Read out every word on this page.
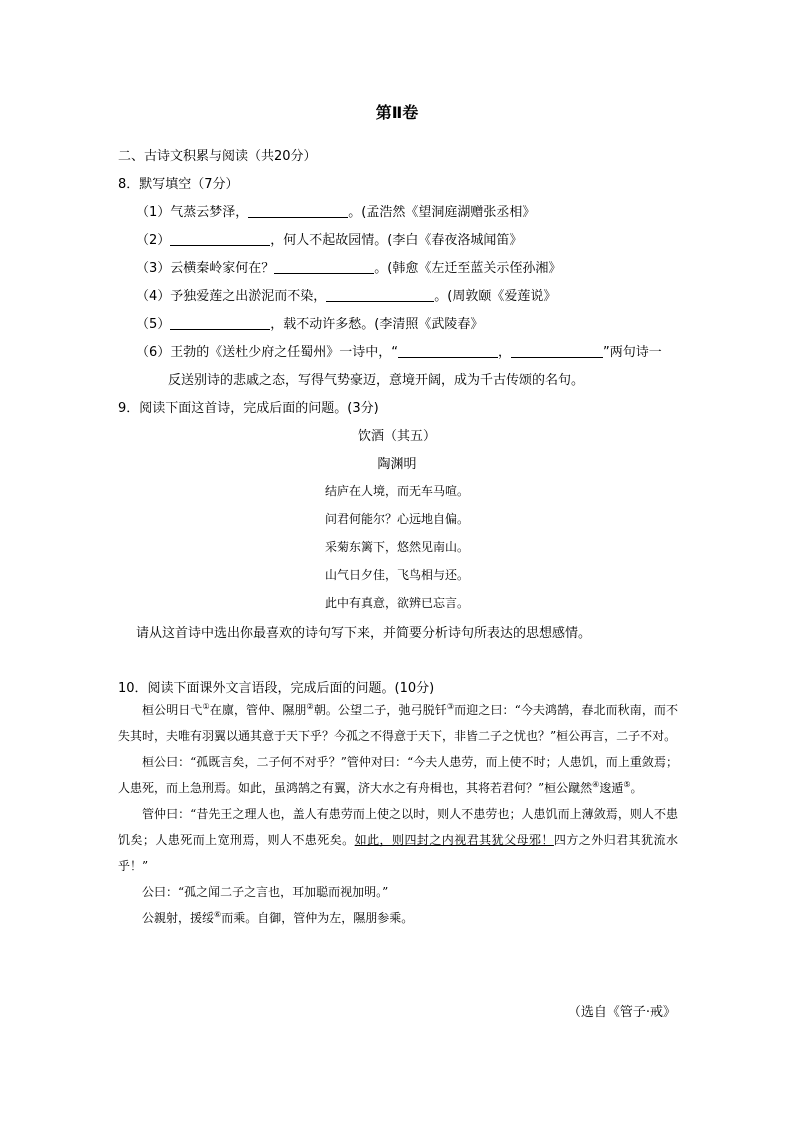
第Ⅱ卷
二、古诗文积累与阅读（共20分）
8．默写填空（7分）
（1）气蒸云梦泽，	。(孟浩然《望洞庭湖赠张丞相》
（2）	，何人不起故园情。(李白《春夜洛城闻笛》
（3）云横秦岭家何在？	。(韩愈《左迁至蓝关示侄孙湘》
（4）予独爱莲之出淤泥而不染，	。(周敦颐《爱莲说》
（5）	，载不动许多愁。(李清照《武陵春》
（6）王勃的《送杜少府之任蜀州》一诗中，“	，	”两句诗一
反送别诗的悲戚之态，写得气势豪迈，意境开阔，成为千古传颂的名句。
9．阅读下面这首诗，完成后面的问题。(3分)
饮酒（其五）
陶渊明
结庐在人境，而无车马喧。
问君何能尔？心远地自偏。
采菊东篱下，悠然见南山。
山气日夕佳，飞鸟相与还。
此中有真意，欲辨已忘言。
请从这首诗中选出你最喜欢的诗句写下来，并简要分析诗句所表达的思想感情。
10．阅读下面课外文言语段，完成后面的问题。(10分)

桓公明日弋①在廪，管仲、隰朋②朝。公望二子，弛弓脱钎③而迎之曰：“今夫鸿鹄，春北而秋南，而不失其时，夫唯有羽翼以通其意于天下乎？今孤之不得意于天下，非皆二子之忧也？”桓公再言，二子不对。

桓公曰：“孤既言矣，二子何不对乎？”管仲对曰：“今夫人患劳，而上使不时；人患饥，而上重敛焉；人患死，而上急刑焉。如此，虽鸿鹄之有翼，济大水之有舟楫也，其将若君何？”桓公蹴然④逡遁⑤。

管仲曰：“昔先王之理人也，盖人有患劳而上使之以时，则人不患劳也；人患饥而上薄敛焉，则人不患饥矣；人患死而上宽刑焉，则人不患死矣。如此，则四封之内视君其犹父母邪！四方之外归君其犹流水乎！”

公曰：“孤之闻二子之言也，耳加聪而视加明。”

公親射，援绥⑥而乘。自御，管仲为左，隰朋参乘。

（选自《管子·戒》
